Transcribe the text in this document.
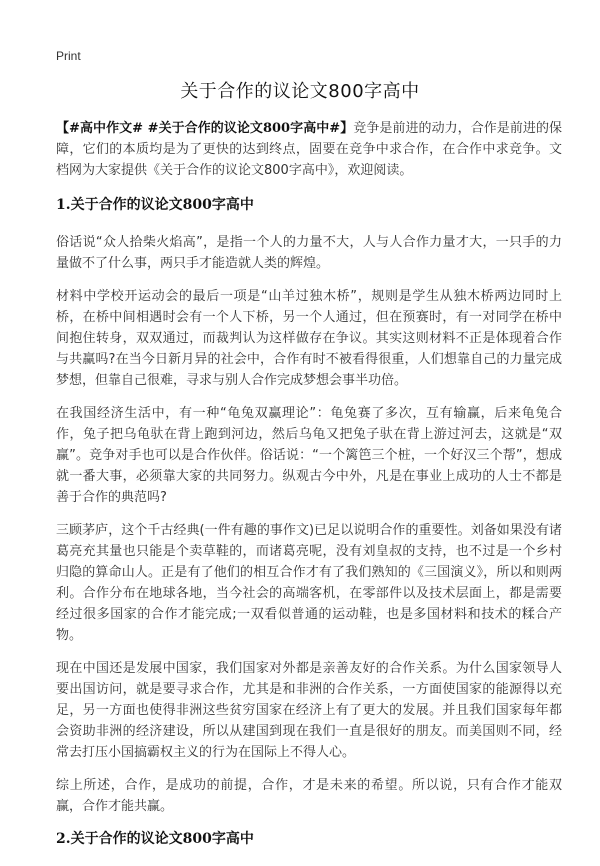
Print
关于合作的议论文800字高中

【#高中作文# #关于合作的议论文800字高中#】竞争是前进的动力，合作是前进的保障，它们的本质均是为了更快的达到终点，固要在竞争中求合作，在合作中求竞争。文档网为大家提供《关于合作的议论文800字高中》，欢迎阅读。

1.关于合作的议论文800字高中

俗话说“众人拾柴火焰高”，是指一个人的力量不大，人与人合作力量才大，一只手的力量做不了什么事，两只手才能造就人类的辉煌。

材料中学校开运动会的最后一项是“山羊过独木桥”，规则是学生从独木桥两边同时上桥，在桥中间相遇时会有一个人下桥，另一个人通过，但在预赛时，有一对同学在桥中间抱住转身，双双通过，而裁判认为这样做存在争议。其实这则材料不正是体现着合作与共赢吗?在当今日新月异的社会中，合作有时不被看得很重，人们想靠自己的力量完成梦想，但靠自己很难，寻求与别人合作完成梦想会事半功倍。

在我国经济生活中，有一种“龟兔双赢理论”：龟兔赛了多次，互有输赢，后来龟兔合作，兔子把乌龟驮在背上跑到河边，然后乌龟又把兔子驮在背上游过河去，这就是“双赢”。竞争对手也可以是合作伙伴。俗话说：“一个篱笆三个桩，一个好汉三个帮”，想成就一番大事，必须靠大家的共同努力。纵观古今中外，凡是在事业上成功的人士不都是善于合作的典范吗?

三顾茅庐，这个千古经典(一件有趣的事作文)已足以说明合作的重要性。刘备如果没有诸葛亮充其量也只能是个卖草鞋的，而诸葛亮呢，没有刘皇叔的支持，也不过是一个乡村归隐的算命山人。正是有了他们的相互合作才有了我们熟知的《三国演义》，所以和则两利。合作分布在地球各地，当今社会的高端客机，在零部件以及技术层面上，都是需要经过很多国家的合作才能完成;一双看似普通的运动鞋，也是多国材料和技术的糅合产物。

现在中国还是发展中国家，我们国家对外都是亲善友好的合作关系。为什么国家领导人要出国访问，就是要寻求合作，尤其是和非洲的合作关系，一方面使国家的能源得以充足，另一方面也使得非洲这些贫穷国家在经济上有了更大的发展。并且我们国家每年都会资助非洲的经济建设，所以从建国到现在我们一直是很好的朋友。而美国则不同，经常去打压小国搞霸权主义的行为在国际上不得人心。

综上所述，合作，是成功的前提，合作，才是未来的希望。所以说，只有合作才能双赢，合作才能共赢。

2.关于合作的议论文800字高中
